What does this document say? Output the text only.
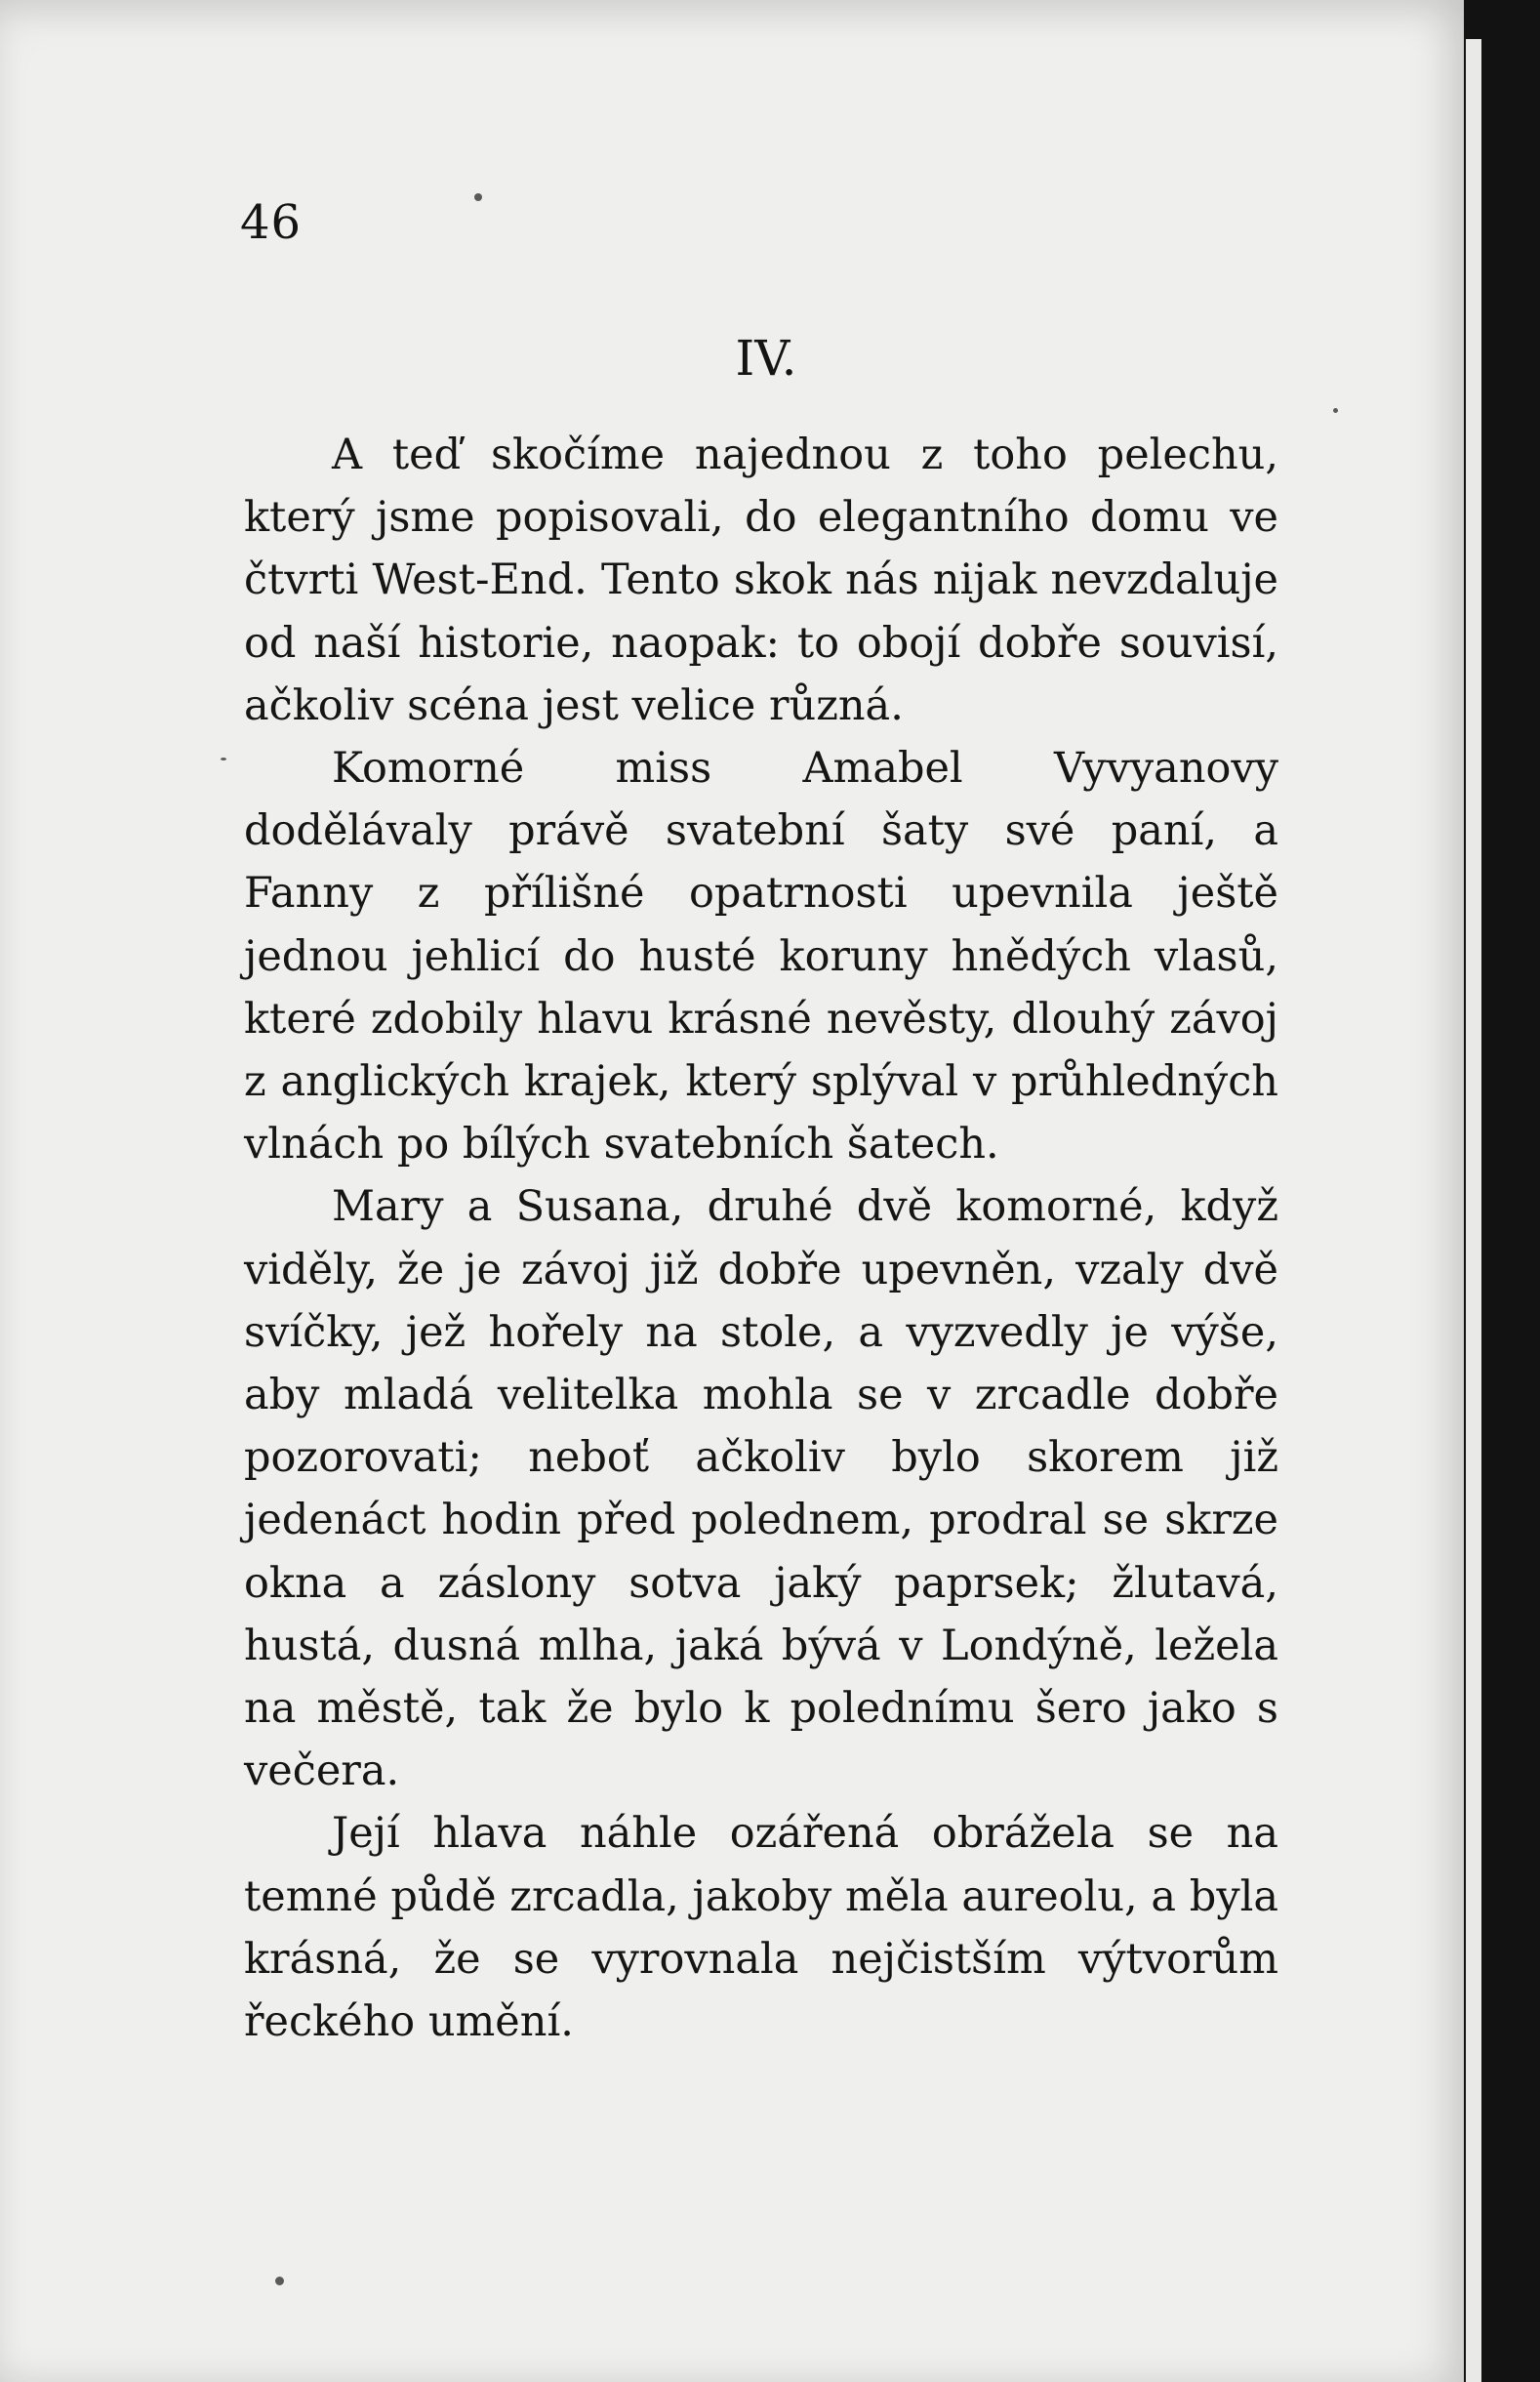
46
IV.

A teď skočíme najednou z toho pelechu, který jsme popisovali, do elegantního domu ve čtvrti West-End. Tento skok nás nijak nevzdaluje od naší historie, naopak: to obojí dobře souvisí, ačkoliv scéna jest velice různá.

Komorné miss Amabel Vyvyanovy dodělávaly právě svatební šaty své paní, a Fanny z přílišné opatrnosti upevnila ještě jednou jehlicí do husté koruny hnědých vlasů, které zdobily hlavu krásné nevěsty, dlouhý závoj z anglických krajek, který splýval v průhledných vlnách po bílých svatebních šatech.

Mary a Susana, druhé dvě komorné, když viděly, že je závoj již dobře upevněn, vzaly dvě svíčky, jež hořely na stole, a vyzvedly je výše, aby mladá velitelka mohla se v zrcadle dobře pozorovati; neboť ačkoliv bylo skorem již jedenáct hodin před polednem, prodral se skrze okna a záslony sotva jaký paprsek; žlutavá, hustá, dusná mlha, jaká bývá v Londýně, ležela na městě, tak že bylo k polednímu šero jako s večera.

Její hlava náhle ozářená obrážela se na temné půdě zrcadla, jakoby měla aureolu, a byla krásná, že se vyrovnala nejčistším výtvorům řeckého umění.
